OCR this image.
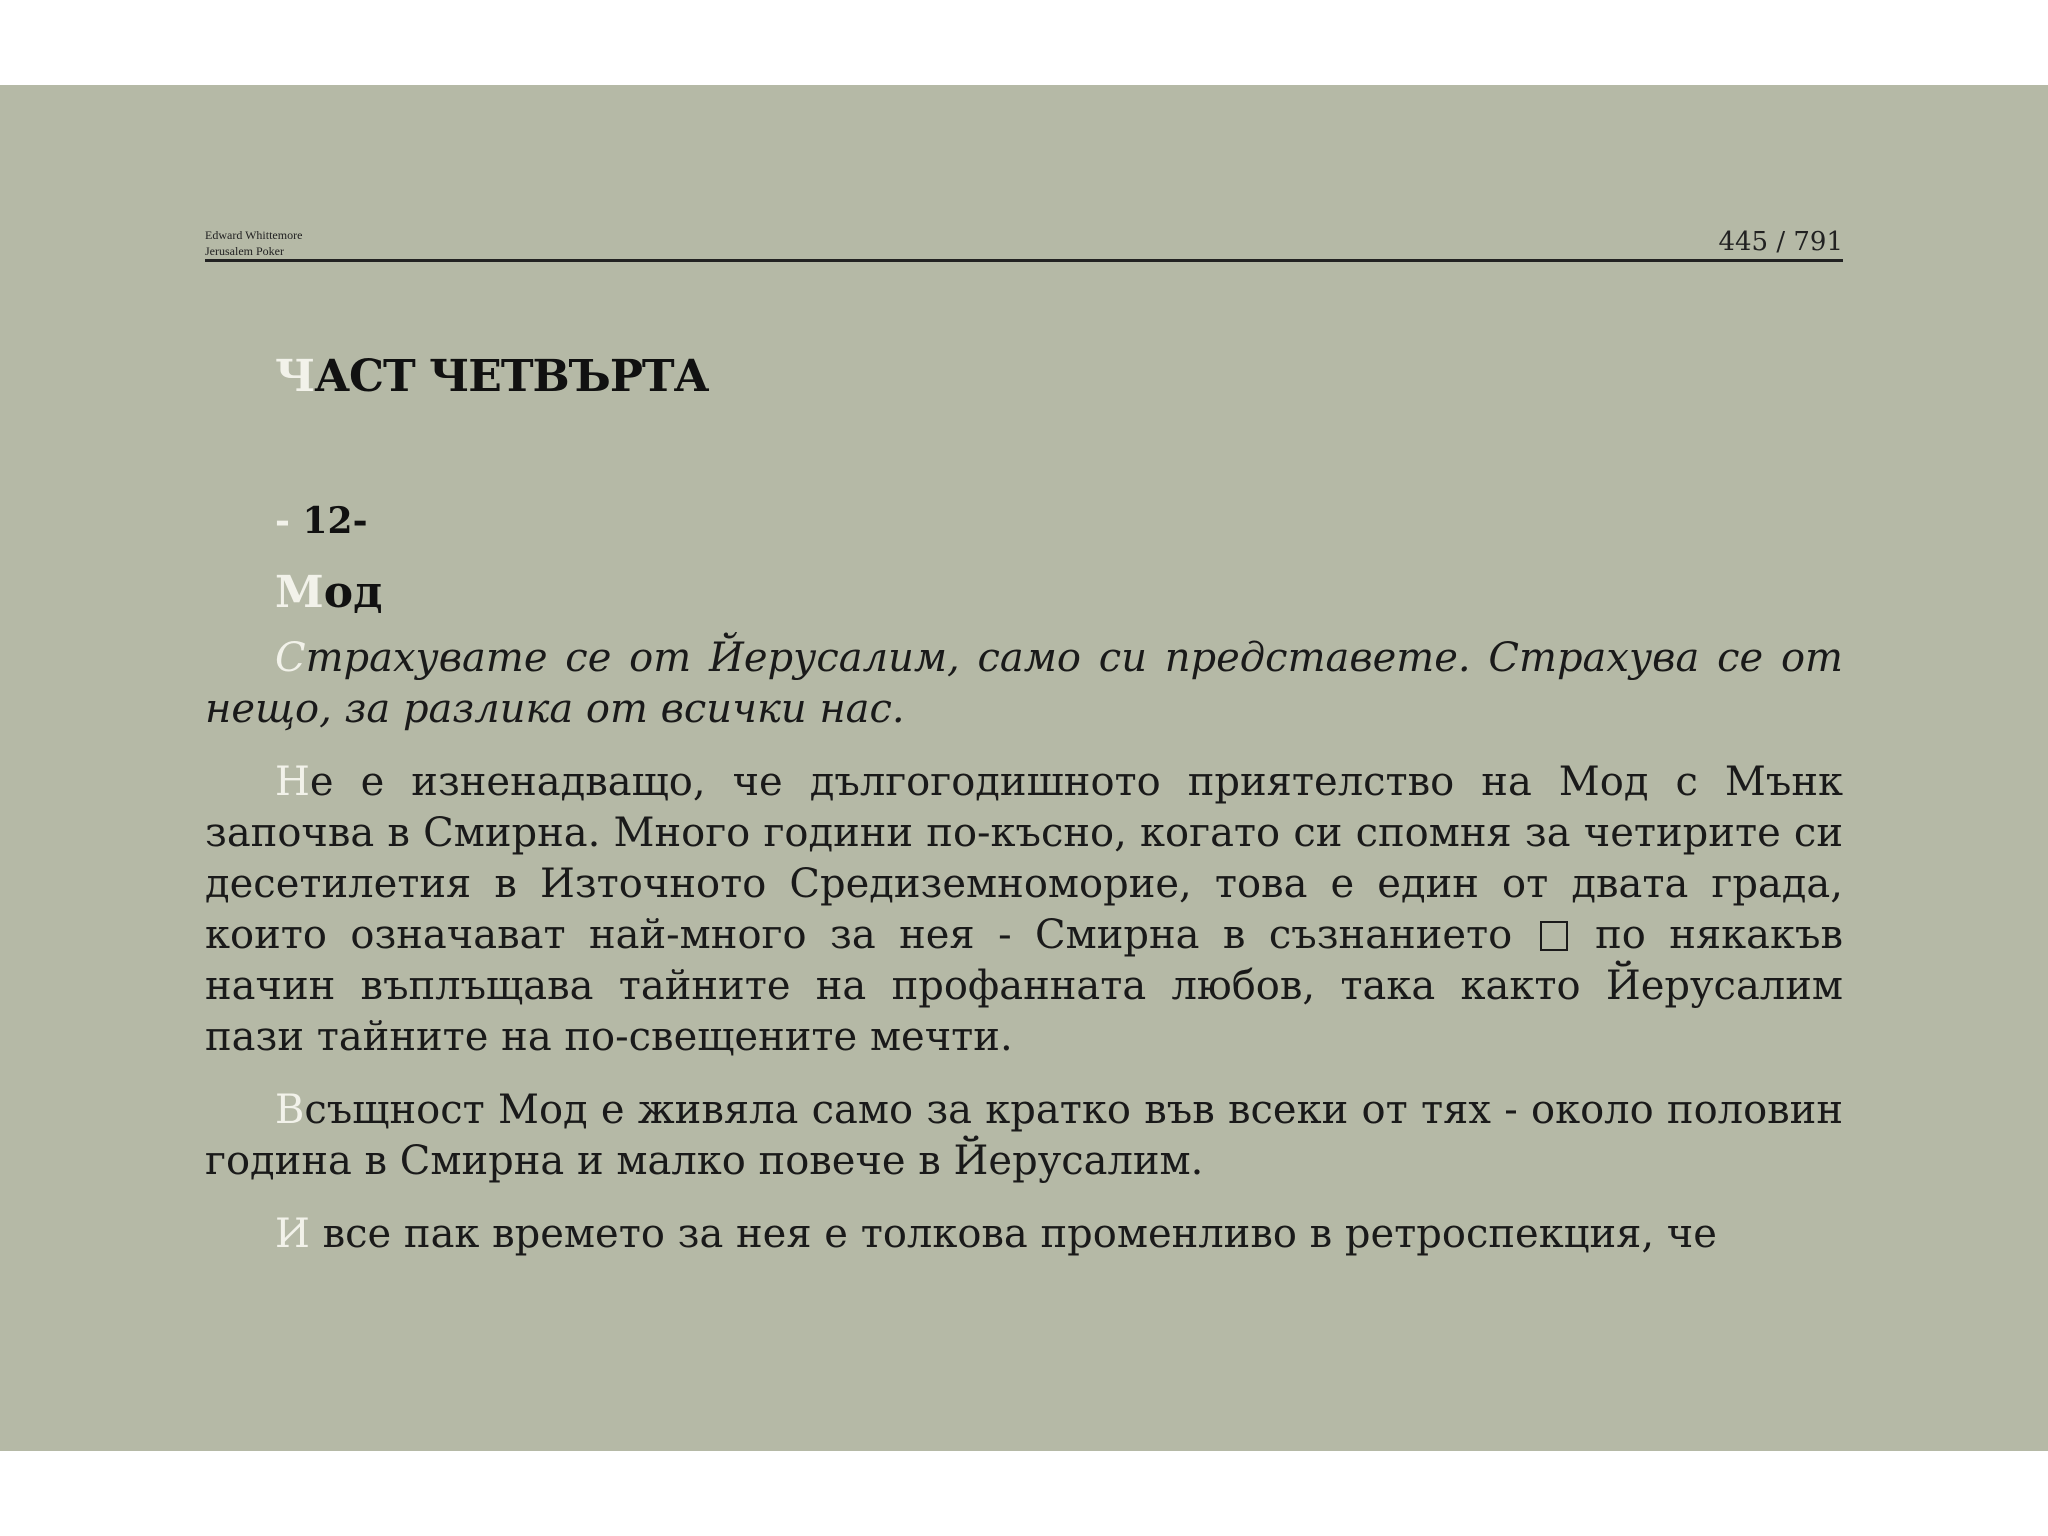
Edward Whittemore
Jerusalem Poker	445 / 791
ЧАСТ ЧЕТВЪРТА
- 12-
Мод

Страхувате се от Йерусалим, само си представете. Страхува се от нещо, за разлика от всички нас.

Не е изненадващо, че дългогодишното приятелство на Мод с Мънк започва в Смирна. Много години по-късно, когато си спомня за четирите си десетилетия в Източното Средиземноморие, това е един от двата града, които означават най-много за нея - Смирна в съзнанието  по някакъв начин въплъщава тайните на профанната любов, така както Йерусалим пази тайните на по-свещените мечти.

Всъщност Мод е живяла само за кратко във всеки от тях - около половин година в Смирна и малко повече в Йерусалим.

И все пак времето за нея е толкова променливо в ретроспекция, че
